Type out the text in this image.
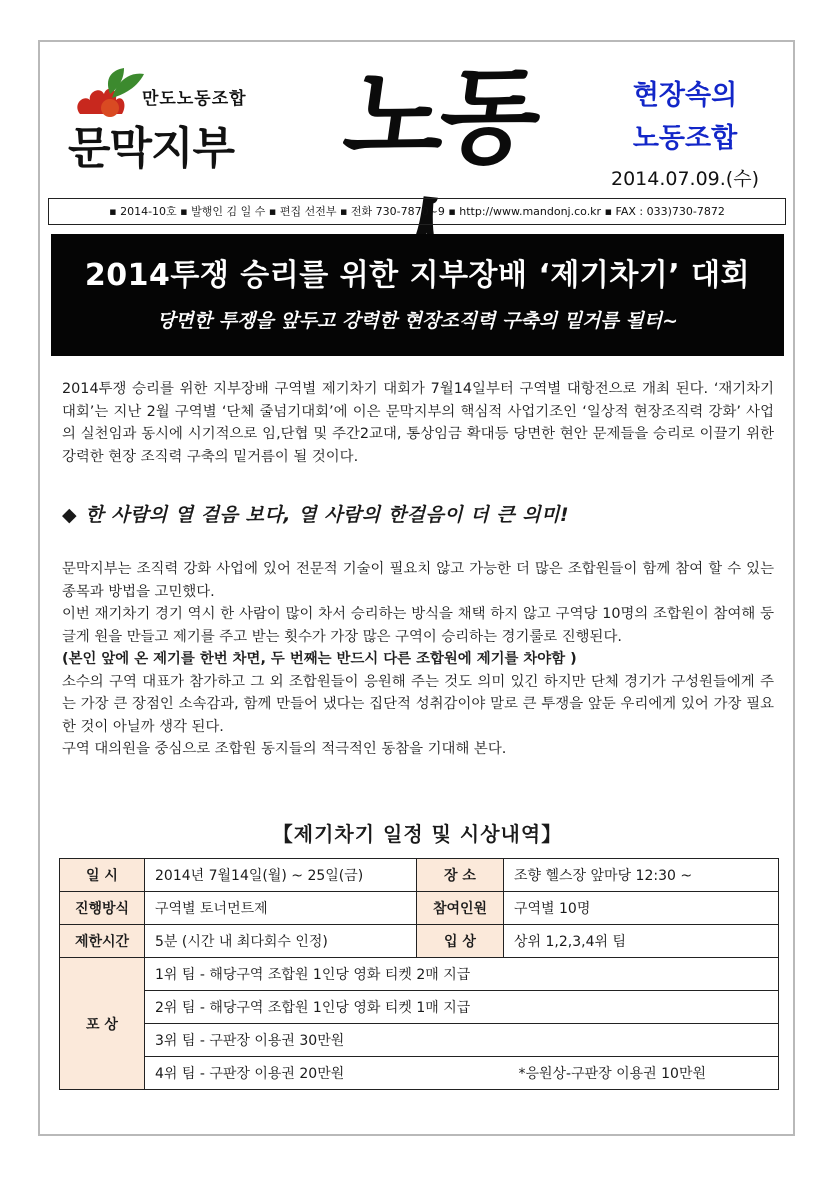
만도노동조합
문막지부 노동人
현장속의
노동조합
2014.07.09.(수)
▪ 2014-10호 ▪ 발행인 김 일 수 ▪ 편집 선전부 ▪ 전화 730-7870~9 ▪ http://www.mandonj.co.kr ▪ FAX : 033)730-7872
2014투쟁 승리를 위한 지부장배 ‘제기차기’ 대회

당면한 투쟁을 앞두고 강력한 현장조직력 구축의 밑거름 될터~

2014투쟁 승리를 위한 지부장배 구역별 제기차기 대회가 7월14일부터 구역별 대항전으로 개최 된다. ‘재기차기 대회’는 지난 2월 구역별 ‘단체 줄넘기대회’에 이은 문막지부의 핵심적 사업기조인 ‘일상적 현장조직력 강화’ 사업의 실천임과 동시에 시기적으로 임,단협 및 주간2교대, 통상임금 확대등 당면한 현안 문제들을 승리로 이끌기 위한 강력한 현장 조직력 구축의 밑거름이 될 것이다.

◆ 한 사람의 열 걸음 보다, 열 사람의 한걸음이 더 큰 의미!

문막지부는 조직력 강화 사업에 있어 전문적 기술이 필요치 않고 가능한 더 많은 조합원들이 함께 참여 할 수 있는 종목과 방법을 고민했다.
이번 재기차기 경기 역시 한 사람이 많이 차서 승리하는 방식을 채택 하지 않고 구역당 10명의 조합원이 참여해 둥글게 원을 만들고 제기를 주고 받는 횟수가 가장 많은 구역이 승리하는 경기룰로 진행된다.
(본인 앞에 온 제기를 한번 차면, 두 번째는 반드시 다른 조합원에 제기를 차야함 )
소수의 구역 대표가 참가하고 그 외 조합원들이 응원해 주는 것도 의미 있긴 하지만 단체 경기가 구성원들에게 주는 가장 큰 장점인 소속감과, 함께 만들어 냈다는 집단적 성취감이야 말로 큰 투쟁을 앞둔 우리에게 있어 가장 필요한 것이 아닐까 생각 된다.
구역 대의원을 중심으로 조합원 동지들의 적극적인 동참을 기대해 본다.

【제기차기 일정 및 시상내역】
일 시	2014년 7월14일(월) ~ 25일(금)	장 소	조향 헬스장 앞마당 12:30 ~
진행방식	구역별 토너먼트제	참여인원	구역별 10명
제한시간	5분 (시간 내 최다회수 인정)	입 상	상위 1,2,3,4위 팀
포 상	1위 팀 - 해당구역 조합원 1인당 영화 티켓 2매 지급		
	2위 팀 - 해당구역 조합원 1인당 영화 티켓 1매 지급		
	3위 팀 - 구판장 이용권 30만원		
	4위 팀 - 구판장 이용권 20만원 *응원상-구판장 이용권 10만원		
